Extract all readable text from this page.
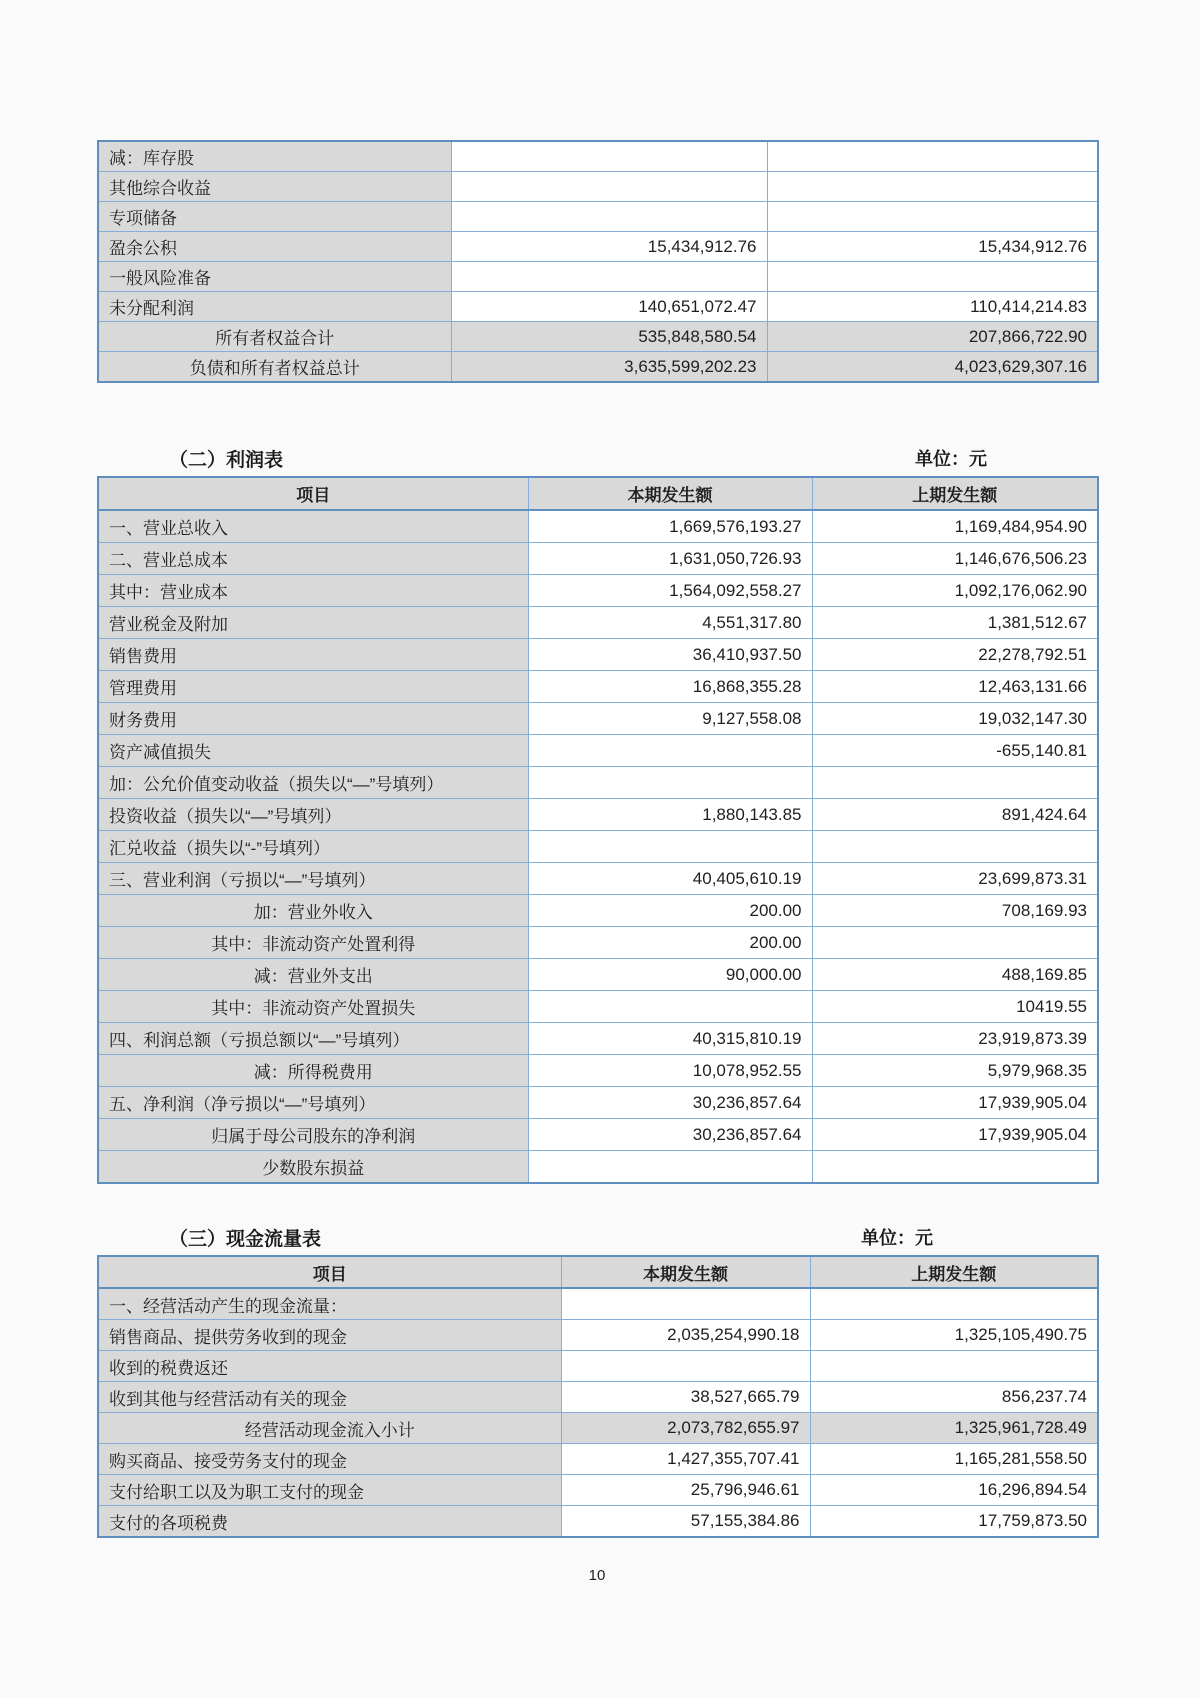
减：库存股		
其他综合收益		
专项储备		
盈余公积	15,434,912.76	15,434,912.76
一般风险准备		
未分配利润	140,651,072.47	110,414,214.83
所有者权益合计	535,848,580.54	207,866,722.90
负债和所有者权益总计	3,635,599,202.23	4,023,629,307.16
（二）利润表	单位：元
项目	本期发生额	上期发生额
一、营业总收入	1,669,576,193.27	1,169,484,954.90
二、营业总成本	1,631,050,726.93	1,146,676,506.23
其中：营业成本	1,564,092,558.27	1,092,176,062.90
营业税金及附加	4,551,317.80	1,381,512.67
销售费用	36,410,937.50	22,278,792.51
管理费用	16,868,355.28	12,463,131.66
财务费用	9,127,558.08	19,032,147.30
资产减值损失		-655,140.81
加：公允价值变动收益（损失以“—”号填列）		
投资收益（损失以“—”号填列）	1,880,143.85	891,424.64
汇兑收益（损失以“-”号填列）		
三、营业利润（亏损以“—”号填列）	40,405,610.19	23,699,873.31
加：营业外收入	200.00	708,169.93
其中：非流动资产处置利得	200.00	
减：营业外支出	90,000.00	488,169.85
其中：非流动资产处置损失		10419.55
四、利润总额（亏损总额以“—”号填列）	40,315,810.19	23,919,873.39
减：所得税费用	10,078,952.55	5,979,968.35
五、净利润（净亏损以“—”号填列）	30,236,857.64	17,939,905.04
归属于母公司股东的净利润	30,236,857.64	17,939,905.04
少数股东损益		
（三）现金流量表	单位：元
项目	本期发生额	上期发生额
一、经营活动产生的现金流量：		
销售商品、提供劳务收到的现金	2,035,254,990.18	1,325,105,490.75
收到的税费返还		
收到其他与经营活动有关的现金	38,527,665.79	856,237.74
经营活动现金流入小计	2,073,782,655.97	1,325,961,728.49
购买商品、接受劳务支付的现金	1,427,355,707.41	1,165,281,558.50
支付给职工以及为职工支付的现金	25,796,946.61	16,296,894.54
支付的各项税费	57,155,384.86	17,759,873.50
10
